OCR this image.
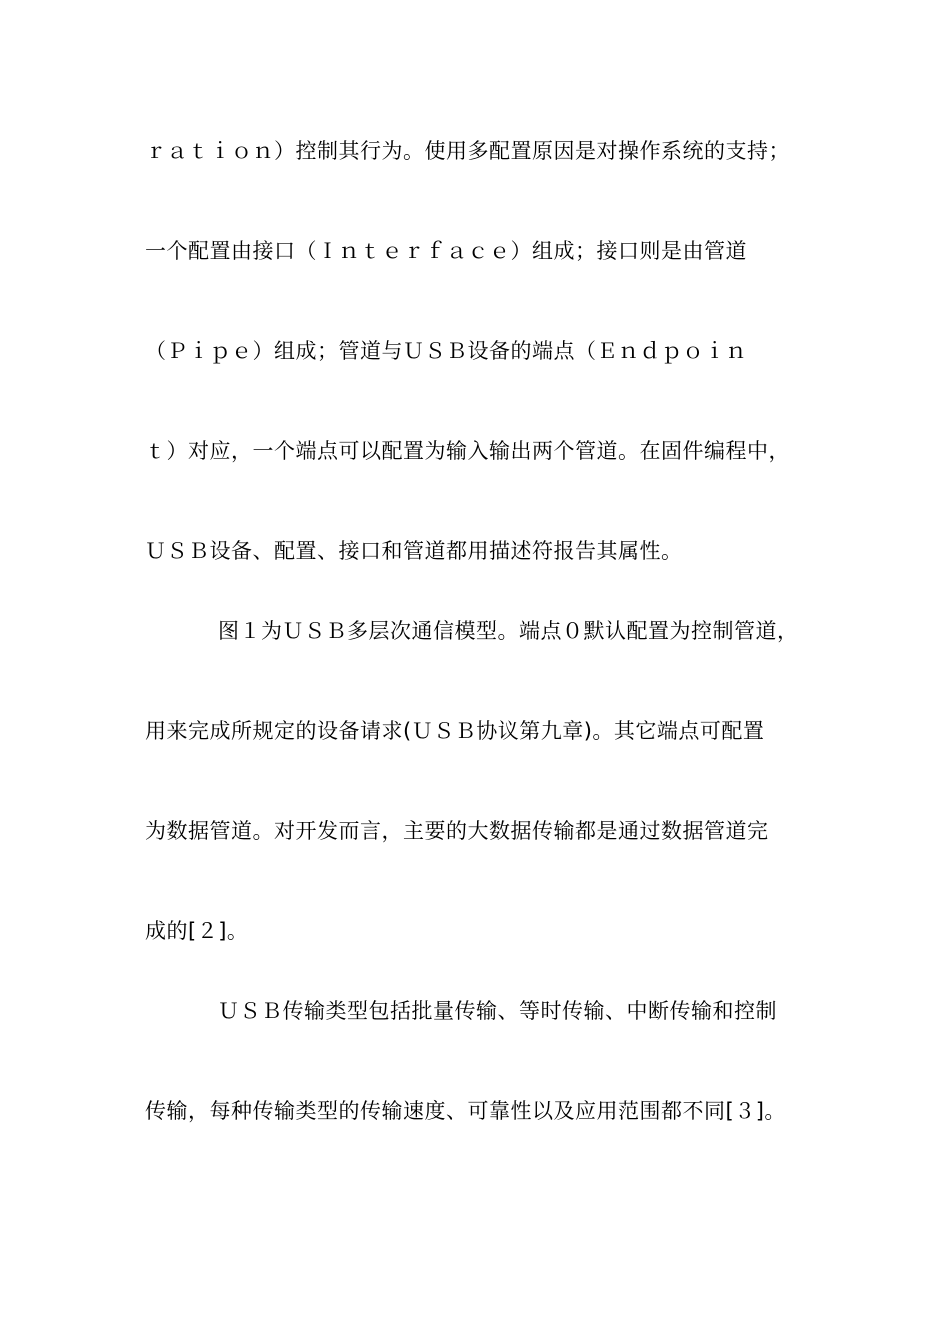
ｒａｔｉｏｎ）控制其行为。使用多配置原因是对操作系统的支持；
一个配置由接口（Ｉｎｔｅｒｆａｃｅ）组成；接口则是由管道
（Ｐｉｐｅ）组成；管道与ＵＳＢ设备的端点（Ｅｎｄｐｏｉｎ
ｔ）对应，一个端点可以配置为输入输出两个管道。在固件编程中，
ＵＳＢ设备、配置、接口和管道都用描述符报告其属性。
图１为ＵＳＢ多层次通信模型。端点０默认配置为控制管道，
用来完成所规定的设备请求(ＵＳＢ协议第九章)。其它端点可配置
为数据管道。对开发而言，主要的大数据传输都是通过数据管道完
成的[２]。
ＵＳＢ传输类型包括批量传输、等时传输、中断传输和控制
传输，每种传输类型的传输速度、可靠性以及应用范围都不同[３]。
